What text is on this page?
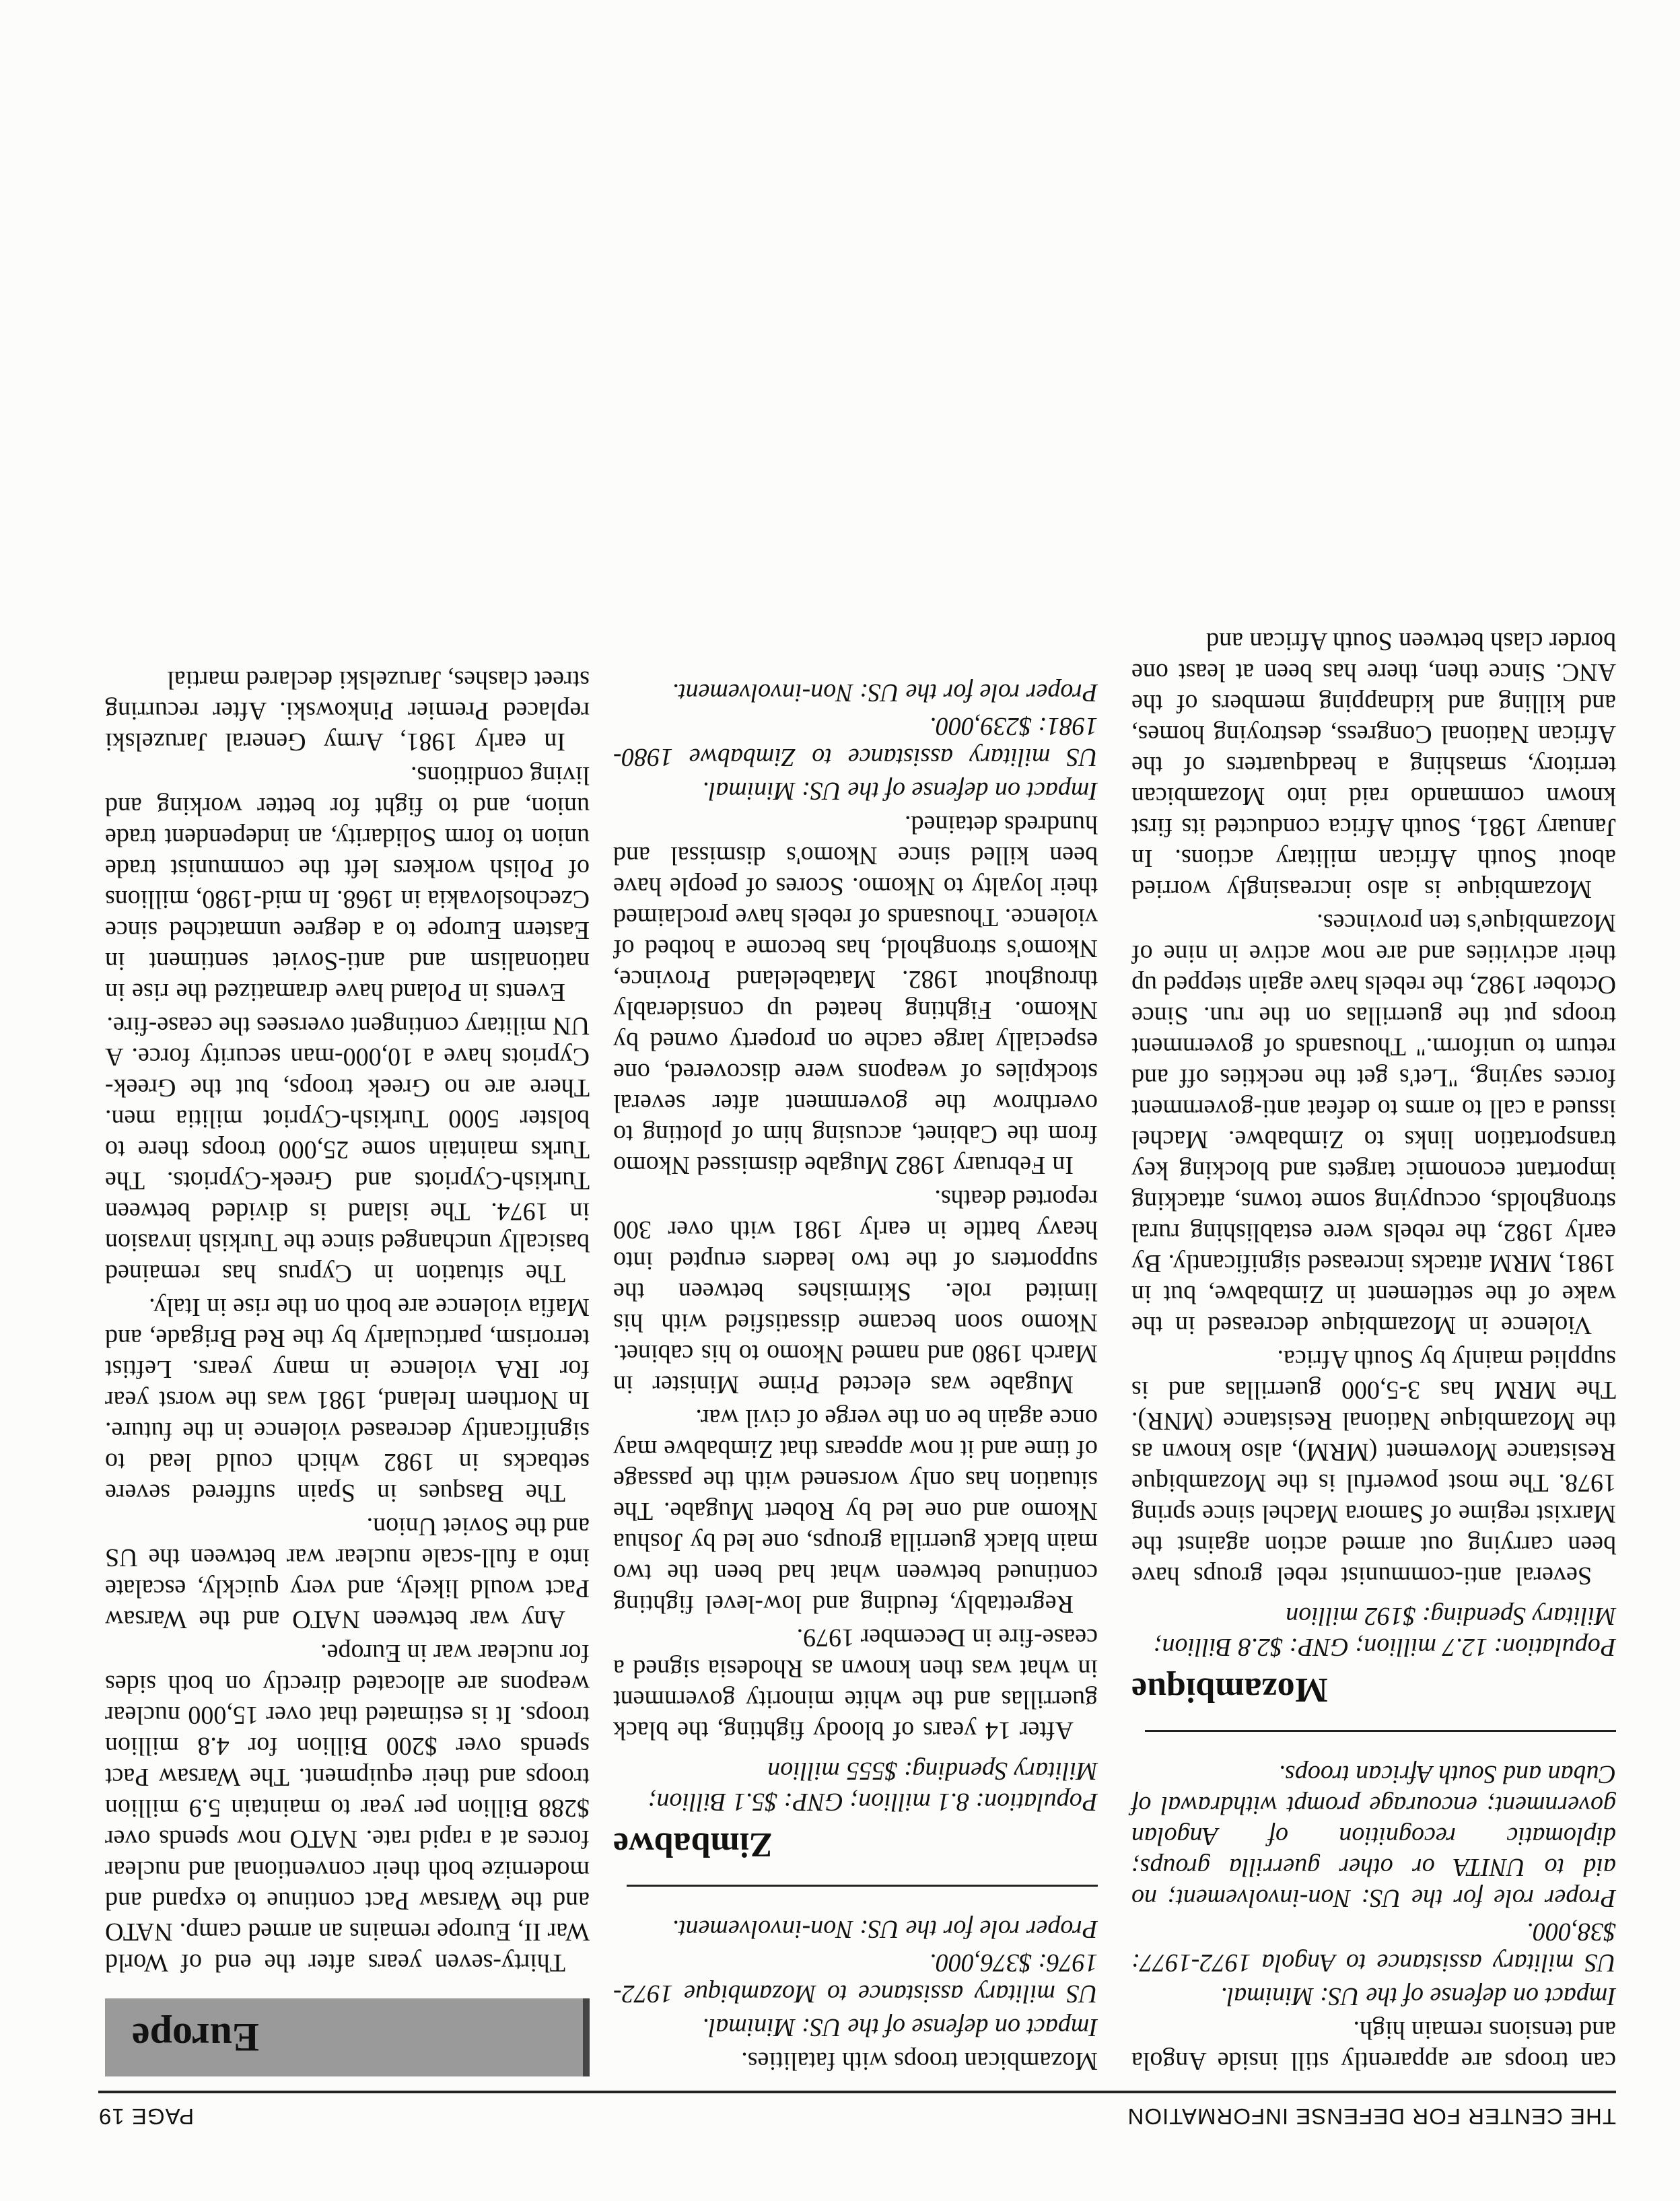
THE CENTER FOR DEFENSE INFORMATION
PAGE 19

can troops are apparently still inside Angola and tensions remain high.

Impact on defense of the US: Minimal.

US military assistance to Angola 1972-1977: $38,000.

Proper role for the US: Non-involvement; no aid to UNITA or other guerrilla groups; diplomatic recognition of Angolan government; encourage prompt withdrawal of Cuban and South African troops.

Mozambique

Population: 12.7 million; GNP: $2.8 Billion; Military Spending: $192 million

Several anti-communist rebel groups have been carrying out armed action against the Marxist regime of Samora Machel since spring 1978. The most powerful is the Mozambique Resistance Movement (MRM), also known as the Mozambique National Resistance (MNR). The MRM has 3-5,000 guerrillas and is supplied mainly by South Africa.

Violence in Mozambique decreased in the wake of the settlement in Zimbabwe, but in 1981, MRM attacks increased significantly. By early 1982, the rebels were establishing rural strongholds, occupying some towns, attacking important economic targets and blocking key transportation links to Zimbabwe. Machel issued a call to arms to defeat anti-government forces saying, "Let's get the neckties off and return to uniform." Thousands of government troops put the guerrillas on the run. Since October 1982, the rebels have again stepped up their activities and are now active in nine of Mozambique's ten provinces.

Mozambique is also increasingly worried about South African military actions. In January 1981, South Africa conducted its first known commando raid into Mozambican territory, smashing a headquarters of the African National Congress, destroying homes, and killing and kidnapping members of the ANC. Since then, there has been at least one border clash between South African and

Mozambican troops with fatalities.

Impact on defense of the US: Minimal.

US military assistance to Mozambique 1972-1976: $376,000.

Proper role for the US: Non-involvement.

Zimbabwe

Population: 8.1 million; GNP: $5.1 Billion; Military Spending: $555 million

After 14 years of bloody fighting, the black guerrillas and the white minority government in what was then known as Rhodesia signed a cease-fire in December 1979.

Regrettably, feuding and low-level fighting continued between what had been the two main black guerrilla groups, one led by Joshua Nkomo and one led by Robert Mugabe. The situation has only worsened with the passage of time and it now appears that Zimbabwe may once again be on the verge of civil war.

Mugabe was elected Prime Minister in March 1980 and named Nkomo to his cabinet. Nkomo soon became dissatisfied with his limited role. Skirmishes between the supporters of the two leaders erupted into heavy battle in early 1981 with over 300 reported deaths.

In February 1982 Mugabe dismissed Nkomo from the Cabinet, accusing him of plotting to overthrow the government after several stockpiles of weapons were discovered, one especially large cache on property owned by Nkomo. Fighting heated up considerably throughout 1982. Matabeleland Province, Nkomo's stronghold, has become a hotbed of violence. Thousands of rebels have proclaimed their loyalty to Nkomo. Scores of people have been killed since Nkomo's dismissal and hundreds detained.

Impact on defense of the US: Minimal.

US military assistance to Zimbabwe 1980-1981: $239,000.

Proper role for the US: Non-involvement.

Europe

Thirty-seven years after the end of World War II, Europe remains an armed camp. NATO and the Warsaw Pact continue to expand and modernize both their conventional and nuclear forces at a rapid rate. NATO now spends over $288 Billion per year to maintain 5.9 million troops and their equipment. The Warsaw Pact spends over $200 Billion for 4.8 million troops. It is estimated that over 15,000 nuclear weapons are allocated directly on both sides for nuclear war in Europe.

Any war between NATO and the Warsaw Pact would likely, and very quickly, escalate into a full-scale nuclear war between the US and the Soviet Union.

The Basques in Spain suffered severe setbacks in 1982 which could lead to significantly decreased violence in the future. In Northern Ireland, 1981 was the worst year for IRA violence in many years. Leftist terrorism, particularly by the Red Brigade, and Mafia violence are both on the rise in Italy.

The situation in Cyprus has remained basically unchanged since the Turkish invasion in 1974. The island is divided between Turkish-Cypriots and Greek-Cypriots. The Turks maintain some 25,000 troops there to bolster 5000 Turkish-Cypriot militia men. There are no Greek troops, but the Greek-Cypriots have a 10,000-man security force. A UN military contingent oversees the cease-fire.

Events in Poland have dramatized the rise in nationalism and anti-Soviet sentiment in Eastern Europe to a degree unmatched since Czechoslovakia in 1968. In mid-1980, millions of Polish workers left the communist trade union to form Solidarity, an independent trade union, and to fight for better working and living conditions.

In early 1981, Army General Jaruzelski replaced Premier Pinkowski. After recurring street clashes, Jaruzelski declared martial
